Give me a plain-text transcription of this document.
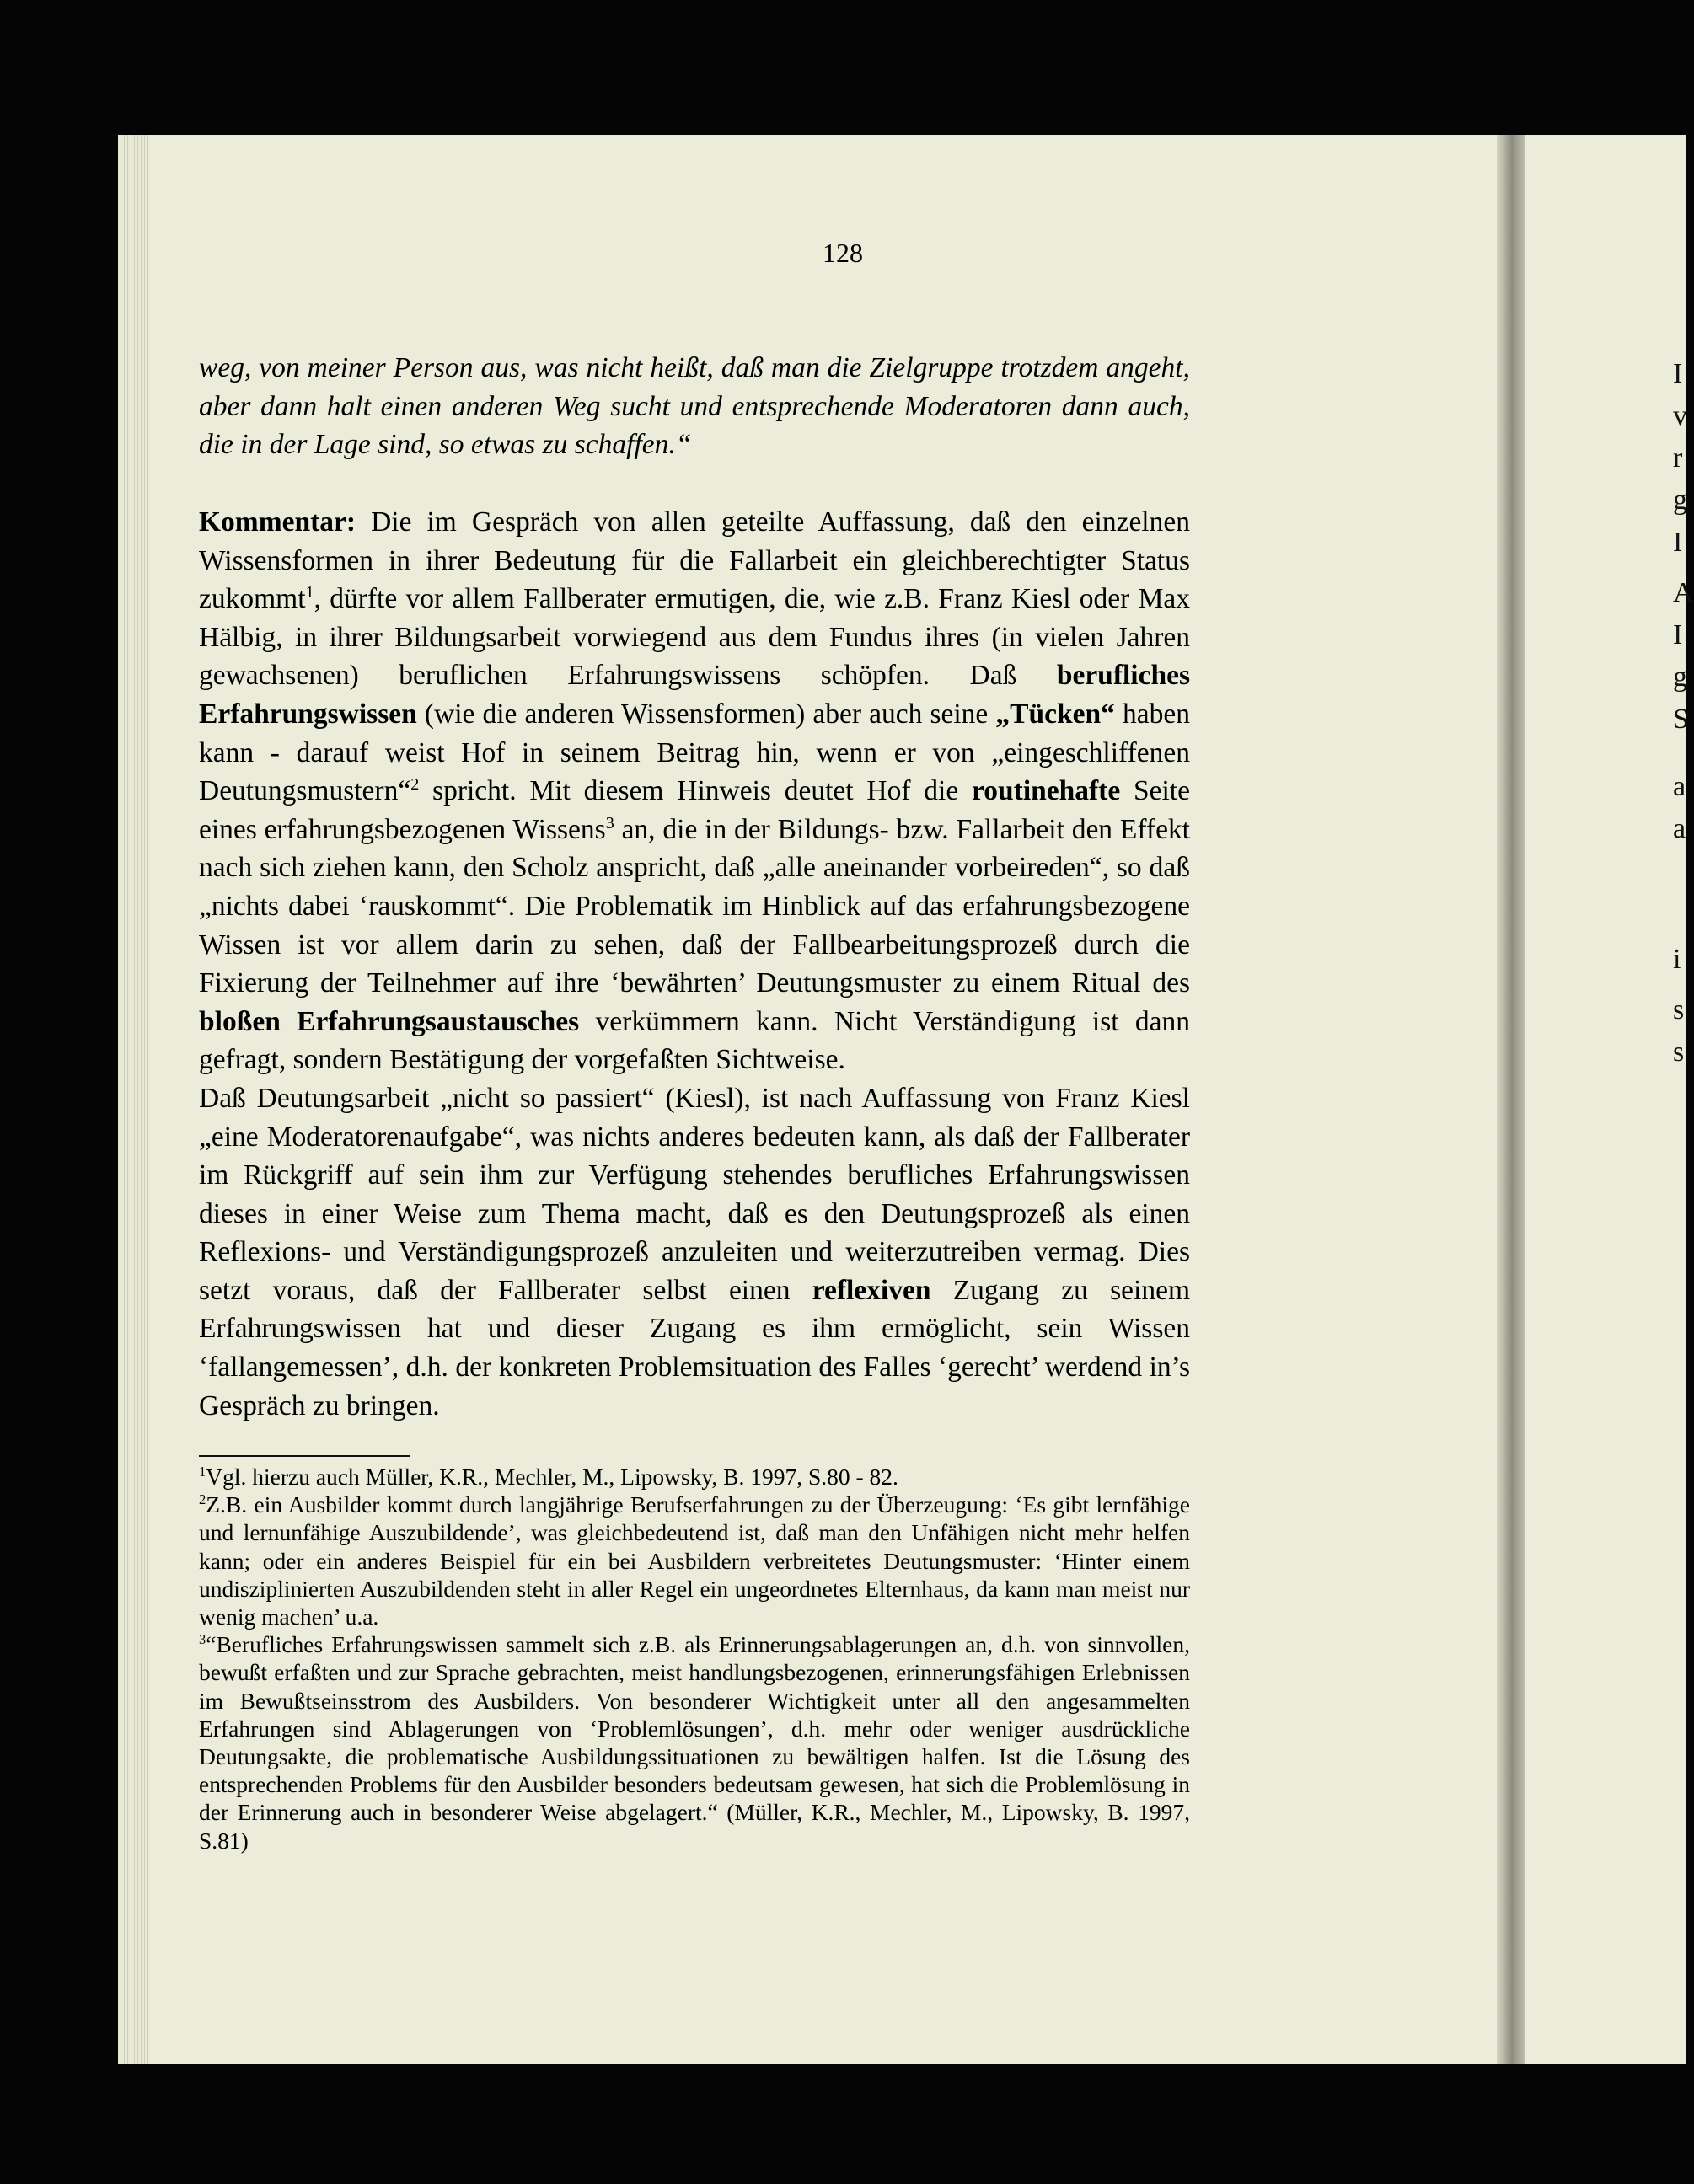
I
v
r
g
I
A
I
g
S
a
a
i
s
s
128

weg, von meiner Person aus, was nicht heißt, daß man die Zielgruppe trotzdem angeht, aber dann halt einen anderen Weg sucht und entsprechende Moderatoren dann auch, die in der Lage sind, so etwas zu schaffen.“

Kommentar: Die im Gespräch von allen geteilte Auffassung, daß den einzelnen Wissensformen in ihrer Bedeutung für die Fallarbeit ein gleichberechtigter Status zukommt$^1$, dürfte vor allem Fallberater ermutigen, die, wie z.B. Franz Kiesl oder Max Hälbig, in ihrer Bildungsarbeit vorwiegend aus dem Fundus ihres (in vielen Jahren gewachsenen) beruflichen Erfahrungswissens schöpfen. Daß berufliches Erfahrungswissen (wie die anderen Wissensformen) aber auch seine „Tücken“ haben kann - darauf weist Hof in seinem Beitrag hin, wenn er von „eingeschliffenen Deutungsmustern“$^2$ spricht. Mit diesem Hinweis deutet Hof die routinehafte Seite eines erfahrungsbezogenen Wissens$^3$ an, die in der Bildungs- bzw. Fallarbeit den Effekt nach sich ziehen kann, den Scholz anspricht, daß „alle aneinander vorbeireden“, so daß „nichts dabei ‘rauskommt“. Die Problematik im Hinblick auf das erfahrungsbezogene Wissen ist vor allem darin zu sehen, daß der Fallbearbeitungsprozeß durch die Fixierung der Teilnehmer auf ihre ‘bewährten’ Deutungsmuster zu einem Ritual des bloßen Erfahrungsaustausches verkümmern kann. Nicht Verständigung ist dann gefragt, sondern Bestätigung der vorgefaßten Sichtweise.

Daß Deutungsarbeit „nicht so passiert“ (Kiesl), ist nach Auffassung von Franz Kiesl „eine Moderatorenaufgabe“, was nichts anderes bedeuten kann, als daß der Fallberater im Rückgriff auf sein ihm zur Verfügung stehendes berufliches Erfahrungswissen dieses in einer Weise zum Thema macht, daß es den Deutungsprozeß als einen Reflexions- und Verständigungsprozeß anzuleiten und weiterzutreiben vermag. Dies setzt voraus, daß der Fallberater selbst einen reflexiven Zugang zu seinem Erfahrungswissen hat und dieser Zugang es ihm ermöglicht, sein Wissen ‘fallangemessen’, d.h. der konkreten Problemsituation des Falles ‘gerecht’ werdend in’s Gespräch zu bringen.

$^1$Vgl. hierzu auch Müller, K.R., Mechler, M., Lipowsky, B. 1997, S.80 - 82.

$^2$Z.B. ein Ausbilder kommt durch langjährige Berufserfahrungen zu der Überzeugung: ‘Es gibt lernfähige und lernunfähige Auszubildende’, was gleichbedeutend ist, daß man den Unfähigen nicht mehr helfen kann; oder ein anderes Beispiel für ein bei Ausbildern verbreitetes Deutungsmuster: ‘Hinter einem undisziplinierten Auszubildenden steht in aller Regel ein ungeordnetes Elternhaus, da kann man meist nur wenig machen’ u.a.

$^3$“Berufliches Erfahrungswissen sammelt sich z.B. als Erinnerungsablagerungen an, d.h. von sinnvollen, bewußt erfaßten und zur Sprache gebrachten, meist handlungsbezogenen, erinnerungsfähigen Erlebnissen im Bewußtseinsstrom des Ausbilders. Von besonderer Wichtigkeit unter all den angesammelten Erfahrungen sind Ablagerungen von ‘Problemlösungen’, d.h. mehr oder weniger ausdrückliche Deutungsakte, die problematische Ausbildungssituationen zu bewältigen halfen. Ist die Lösung des entsprechenden Problems für den Ausbilder besonders bedeutsam gewesen, hat sich die Problemlösung in der Erinnerung auch in besonderer Weise abgelagert.“ (Müller, K.R., Mechler, M., Lipowsky, B. 1997, S.81)
